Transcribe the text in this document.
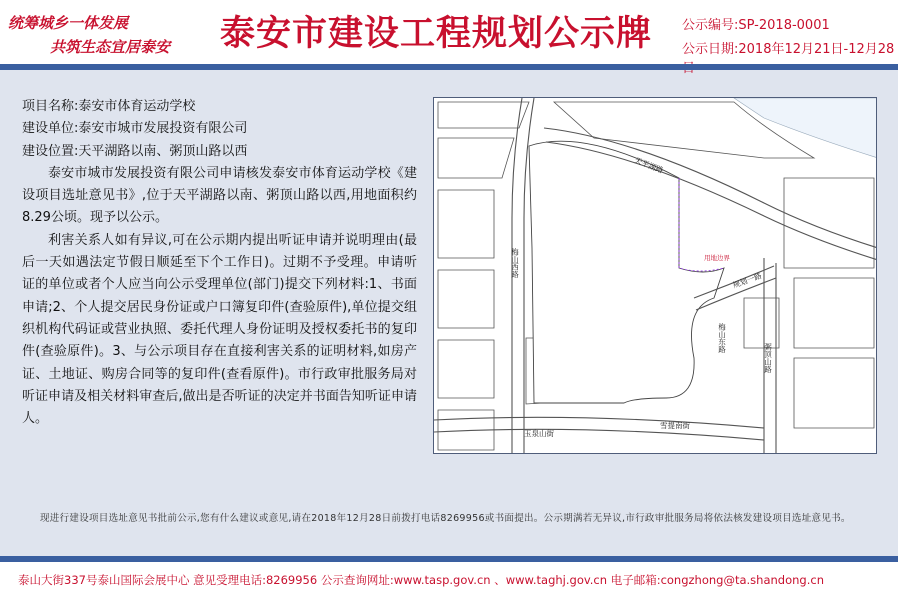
统筹城乡一体发展
共筑生态宜居泰安 泰安市建设工程规划公示牌 公示编号:SP-2018-0001
公示日期:2018年12月21日-12月28
项目名称:泰安市体育运动学校
建设单位:泰安市城市发展投资有限公司
建设位置:天平湖路以南、粥顶山路以西

泰安市城市发展投资有限公司申请核发泰安市体育运动学校《建设项目选址意见书》,位于天平湖路以南、粥顶山路以西,用地面积约8.29公顷。现予以公示。

利害关系人如有异议,可在公示期内提出听证申请并说明理由(最后一天如遇法定节假日顺延至下个工作日)。过期不予受理。申请听证的单位或者个人应当向公示受理单位(部门)提交下列材料:1、书面申请;2、个人提交居民身份证或户口簿复印件(查验原件),单位提交组织机构代码证或营业执照、委托代理人身份证明及授权委托书的复印件(查验原件)。3、与公示项目存在直接利害关系的证明材料,如房产证、土地证、购房合同等的复印件(查看原件)。市行政审批服务局对听证申请及相关材料审查后,做出是否听证的决定并书面告知听证申请人。

天平湖路
梅山西路
梅山东路
粥顶山路
玉泉山街
雪提南街
规划一路
用地边界
现进行建设项目选址意见书批前公示,您有什么建议或意见,请在2018年12月28日前拨打电话8269956或书面提出。公示期满若无异议,市行政审批服务局将依法核发建设项目选址意见书。
泰山大街337号泰山国际会展中心 意见受理电话:8269956 公示查询网址:www.tasp.gov.cn 、www.taghj.gov.cn 电子邮箱:congzhong@ta.shandong.cn
